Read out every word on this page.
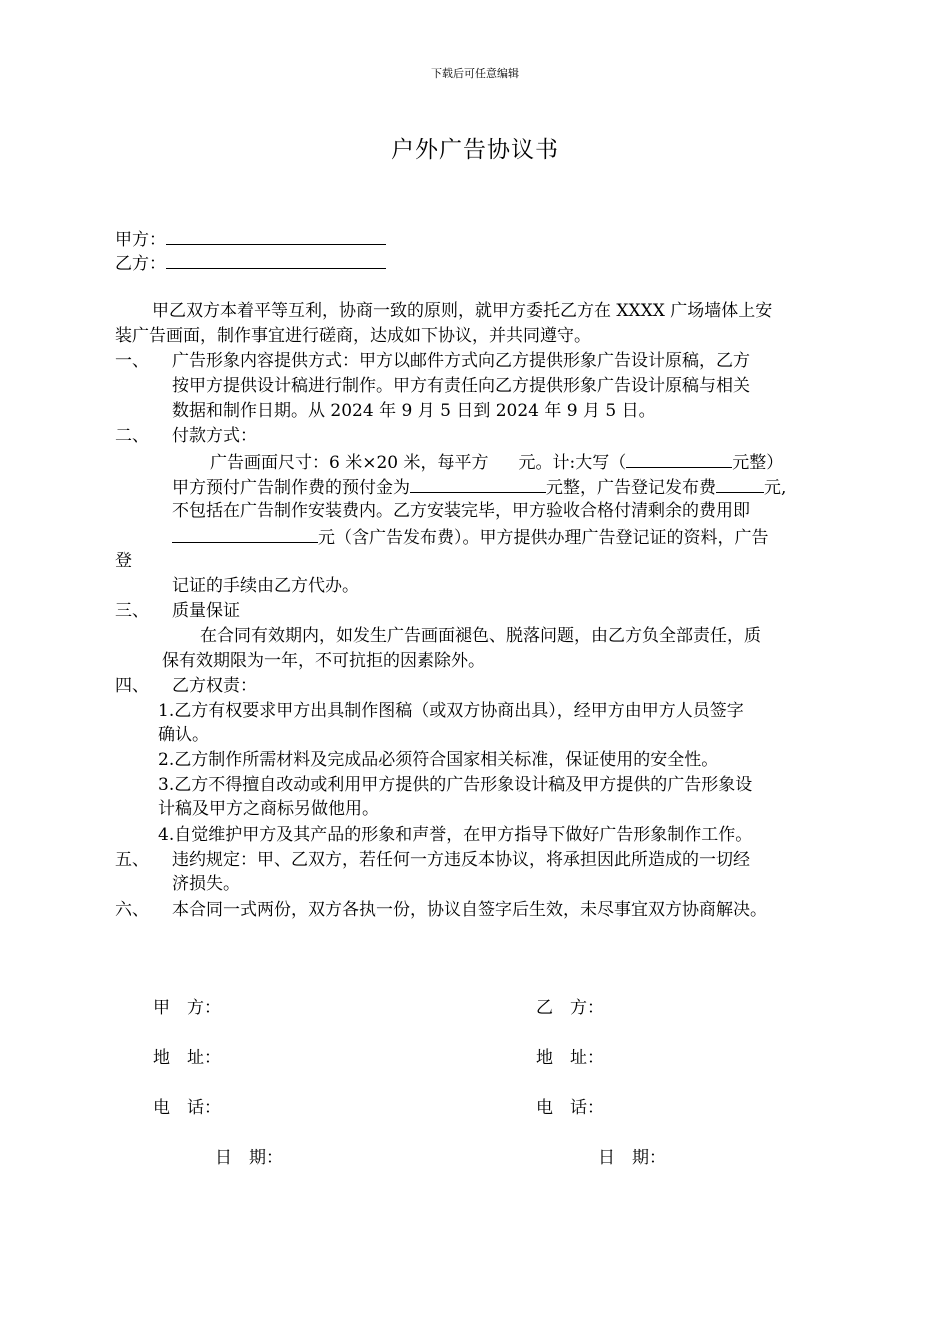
下载后可任意编辑
户外广告协议书
甲方：
乙方：
甲乙双方本着平等互利，协商一致的原则，就甲方委托乙方在 XXXX 广场墙体上安
装广告画面，制作事宜进行磋商，达成如下协议，并共同遵守。
一、 广告形象内容提供方式：甲方以邮件方式向乙方提供形象广告设计原稿，乙方
按甲方提供设计稿进行制作。甲方有责任向乙方提供形象广告设计原稿与相关
数据和制作日期。从 2024 年 9 月 5 日到 2024 年 9 月 5 日。
二、 付款方式：
广告画面尺寸：6 米×20 米，每平方 元。计:大写（	元整）
甲方预付广告制作费的预付金为	元整，广告登记发布费	元,
不包括在广告制作安装费内。乙方安装完毕，甲方验收合格付清剩余的费用即
元（含广告发布费）。甲方提供办理广告登记证的资料，广告
登
记证的手续由乙方代办。
三、 质量保证
在合同有效期内，如发生广告画面褪色、脱落问题，由乙方负全部责任，质
保有效期限为一年，不可抗拒的因素除外。
四、 乙方权责：
1.乙方有权要求甲方出具制作图稿（或双方协商出具），经甲方由甲方人员签字
确认。
2.乙方制作所需材料及完成品必须符合国家相关标准，保证使用的安全性。
3.乙方不得擅自改动或利用甲方提供的广告形象设计稿及甲方提供的广告形象设
计稿及甲方之商标另做他用。
4.自觉维护甲方及其产品的形象和声誉，在甲方指导下做好广告形象制作工作。
五、 违约规定：甲、乙双方，若任何一方违反本协议，将承担因此所造成的一切经
济损失。
六、 本合同一式两份，双方各执一份，协议自签字后生效，未尽事宜双方协商解决。
甲　方：	乙　方：
地　址：	地　址：
电　话：	电　话：
日　期：	日　期：
